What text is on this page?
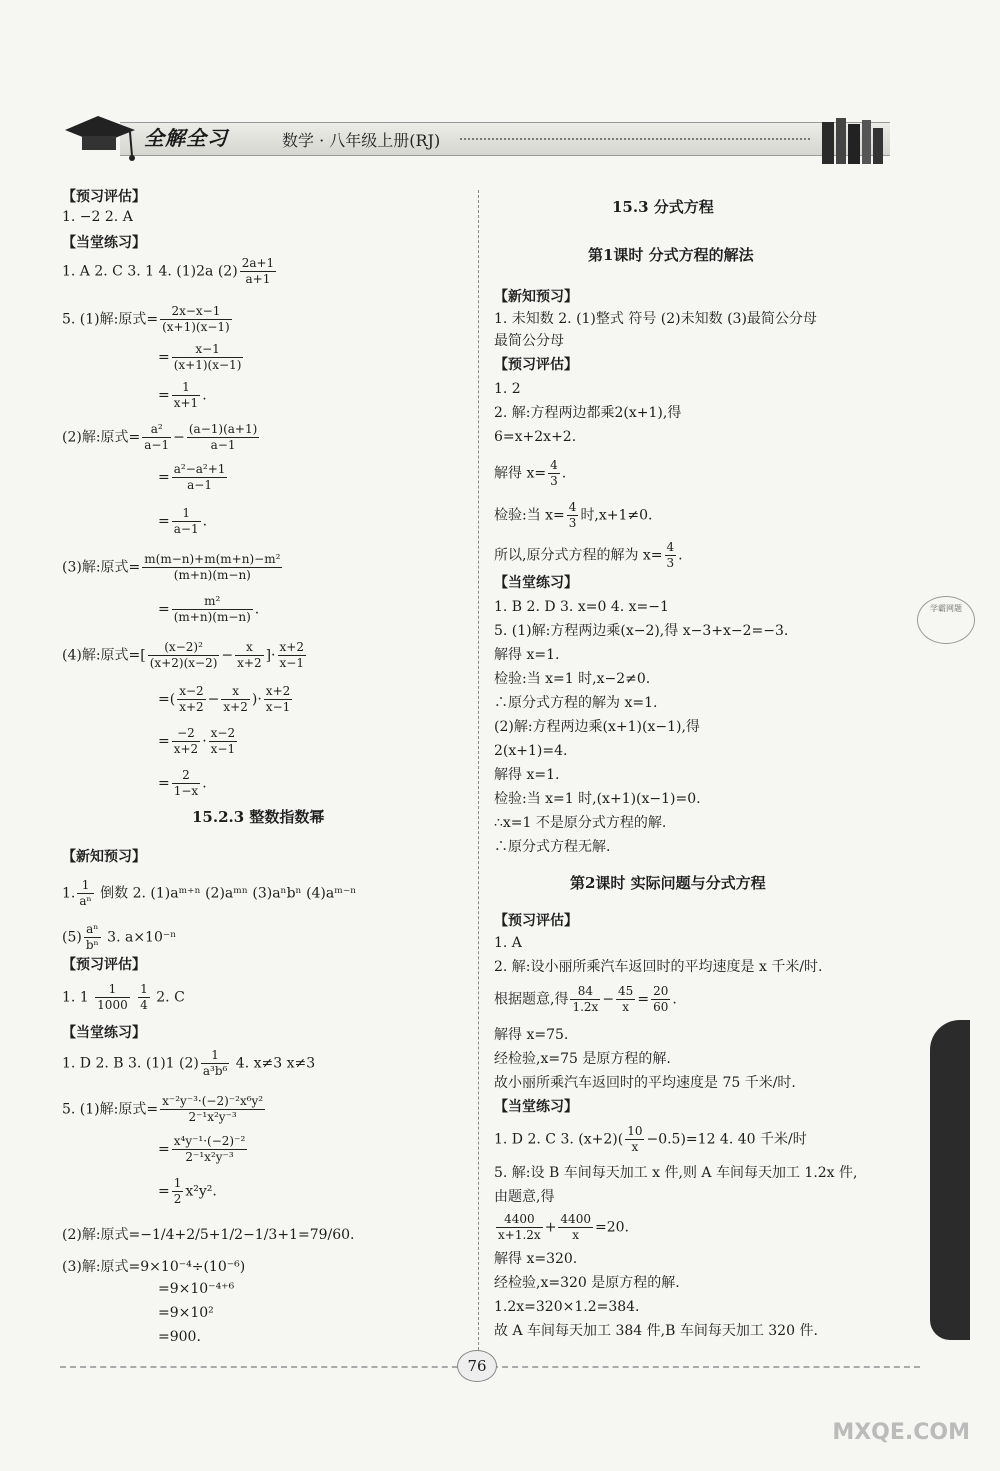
全解全习	数学 · 八年级上册(RJ)
【预习评估】
1. −2 2. A
【当堂练习】
1. A 2. C 3. 1 4. (1)2a $(2) \frac{2a+1}{a+1}$
5. (1)解:原式= $\frac{2x-x-1}{(x+1)(x-1)}$
= $\frac{x-1}{(x+1)(x-1)}$
= $\frac{1}{x+1}$ .
(2)解:原式= $\frac{\text{a²}}{a-1} - \frac{(a-1)(a+1)}{a-1}$
= $\frac{\text{a²−a²+1}}{a-1}$
= $\frac{1}{a-1}$ .
(3)解:原式= $\frac{\text{m(m−n)+m(m+n)−m²}}{(m+n)(m-n)}$
= $\frac{\text{m²}}{(m+n)(m-n)}$ .
(4)解:原式=[ $\frac{\text{(x−2)²}}{(x+2)(x-2)} - \frac{x}{x+2}$ ]· $\frac{x+2}{x-1}$
=( $\frac{x-2}{x+2} - \frac{x}{x+2}$ )· $\frac{x+2}{x-1}$
= $\frac{-2}{x+2} \cdot \frac{x-2}{x-1}$
= $\frac{2}{1-x}$ .
15.2.3 整数指数幂
【新知预习】
1. $\frac{1}{\text{aⁿ}}$ 倒数 2. (1)aᵐ⁺ⁿ (2)aᵐⁿ (3)aⁿbⁿ (4)aᵐ⁻ⁿ
$(5) \frac{\text{aⁿ}}{\text{bⁿ}} 3$. a×10⁻ⁿ
【预习评估】
1. $1 \frac{1}{1000}$
$\frac{1}{4} 2$. C
【当堂练习】
1. D 2. B 3. (1)1 $(2) \frac{1}{\text{a³b⁶}} 4$. x≠3 x≠3
5. (1)解:原式= $\frac{\text{x⁻²y⁻³·(−2)⁻²x⁶y²}}{\text{2⁻¹x²y⁻³}}$
= $\frac{\text{x⁴y⁻¹·(−2)⁻²}}{\text{2⁻¹x²y⁻³}}$
= $\frac{1}{2} x^2y^2$.
(2)解:原式=−1/4+2/5+1/2−1/3+1=79/60.
(3)解:原式=9×10⁻⁴÷(10⁻⁶)
=9×10⁻⁴⁺⁶
=9×10²
=900.
15.3 分式方程
第1课时 分式方程的解法
【新知预习】
1. 未知数 2. (1)整式 符号 (2)未知数 (3)最简公分母
最简公分母
【预习评估】
1. 2
2. 解:方程两边都乘2(x+1),得
6=x+2x+2.
解得 $x= \frac{4}{3}$ .
检验:当 $x= \frac{4}{3}$ 时,x+1≠0.
所以,原分式方程的解为 $x= \frac{4}{3}$ .
【当堂练习】
1. B 2. D 3. x=0 4. x=−1
5. (1)解:方程两边乘(x−2),得 x−3+x−2=−3.
解得 x=1.
检验:当 x=1 时,x−2≠0.
∴原分式方程的解为 x=1.
(2)解:方程两边乘(x+1)(x−1),得
2(x+1)=4.
解得 x=1.
检验:当 x=1 时,(x+1)(x−1)=0.
∴x=1 不是原分式方程的解.
∴原分式方程无解.
第2课时 实际问题与分式方程
【预习评估】
1. A
2. 解:设小丽所乘汽车返回时的平均速度是 x 千米/时.
根据题意,得 $\frac{84}{1.2x} - \frac{45}{x} = \frac{20}{60}$ .
解得 x=75.
经检验,x=75 是原方程的解.
故小丽所乘汽车返回时的平均速度是 75 千米/时.
【当堂练习】
1. D 2. C 3. $(x+2)( \frac{10}{x} -0.5)=12$ 4. 40 千米/时
5. 解:设 B 车间每天加工 x 件,则 A 车间每天加工 1.2x 件,
由题意,得
$\frac{4400}{x+1.2x} + \frac{4400}{x} =20$.
解得 x=320.
经检验,x=320 是原方程的解.
1.2x=320×1.2=384.
故 A 车间每天加工 384 件,B 车间每天加工 320 件.
学霸网题
76
MXQE.COM
